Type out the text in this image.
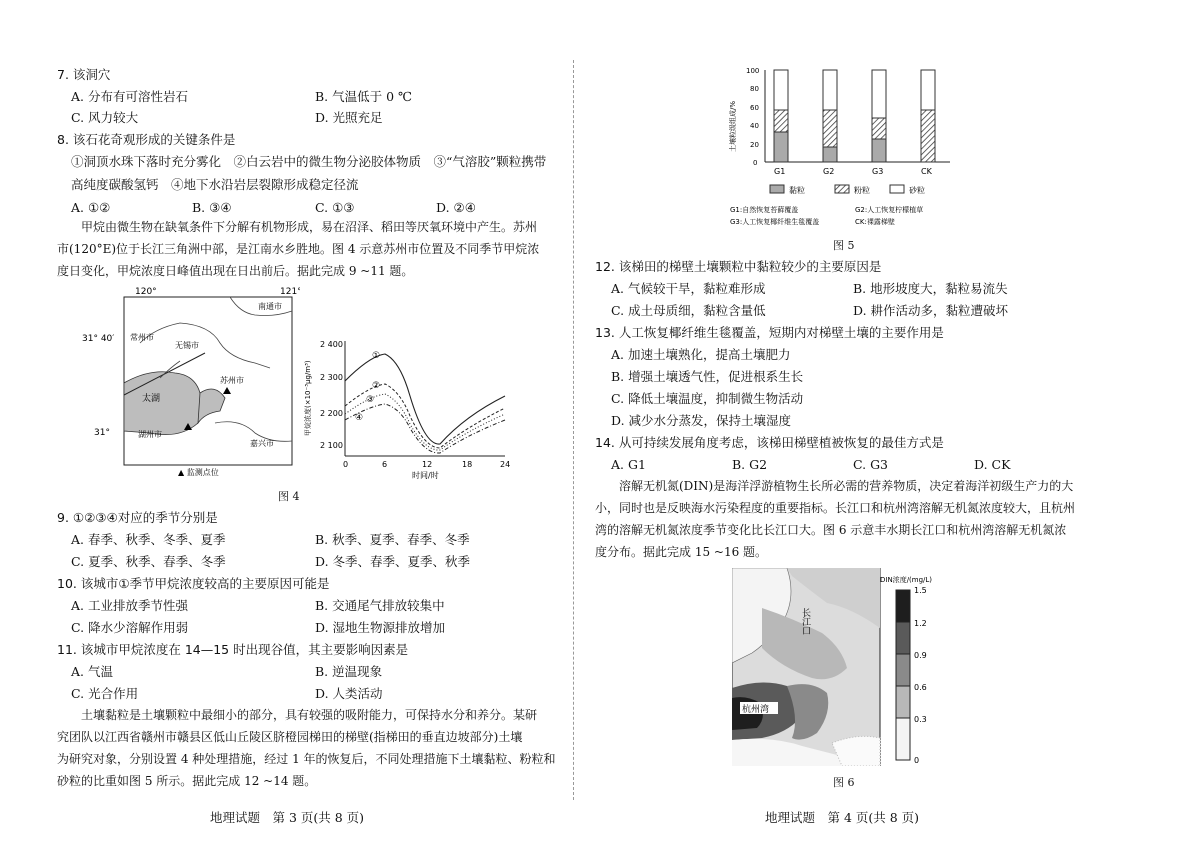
7. 该洞穴
A. 分布有可溶性岩石	B. 气温低于 0 ℃
C. 风力较大	D. 光照充足
8. 该石花奇观形成的关键条件是
①洞顶水珠下落时充分雾化　②白云岩中的微生物分泌胶体物质　③“气溶胶”颗粒携带
高纯度碳酸氢钙　④地下水沿岩层裂隙形成稳定径流
A. ①②	B. ③④	C. ①③	D. ②④
　　甲烷由微生物在缺氧条件下分解有机物形成，易在沼泽、稻田等厌氧环境中产生。苏州
市(120°E)位于长江三角洲中部，是江南水乡胜地。图 4 示意苏州市位置及不同季节甲烷浓
度日变化，甲烷浓度日峰值出现在日出前后。据此完成 9 ~11 题。
120°	121°
31° 40′
31°
南通市
常州市
无锡市
苏州市
太湖
湖州市
嘉兴市
▲ 监测点位
2 100
2 200
2 300
2 400
0	6	12	18	24
时间/时
甲烷浓度(×10⁻³μg/m³)
①
②
③
④
图 4
9. ①②③④对应的季节分别是
A. 春季、秋季、冬季、夏季	B. 秋季、夏季、春季、冬季
C. 夏季、秋季、春季、冬季	D. 冬季、春季、夏季、秋季
10. 该城市①季节甲烷浓度较高的主要原因可能是
A. 工业排放季节性强	B. 交通尾气排放较集中
C. 降水少溶解作用弱	D. 湿地生物源排放增加
11. 该城市甲烷浓度在 14—15 时出现谷值，其主要影响因素是
A. 气温	B. 逆温现象
C. 光合作用	D. 人类活动
　　土壤黏粒是土壤颗粒中最细小的部分，具有较强的吸附能力，可保持水分和养分。某研
究团队以江西省赣州市赣县区低山丘陵区脐橙园梯田的梯壁(指梯田的垂直边坡部分)土壤
为研究对象，分别设置 4 种处理措施，经过 1 年的恢复后，不同处理措施下土壤黏粒、粉粒和
砂粒的比重如图 5 所示。据此完成 12 ~14 题。
地理试题　第 3 页(共 8 页)
0
20
40
60
80
100
土壤粒级组成/%
G1	G2	G3	CK
黏粒	粉粒	砂粒
G1:自然恢复苔藓覆盖	G2:人工恢复柠檬植草
G3:人工恢复椰纤维生毯覆盖	CK:裸露梯壁
图 5
12. 该梯田的梯壁土壤颗粒中黏粒较少的主要原因是
A. 气候较干旱，黏粒难形成	B. 地形坡度大，黏粒易流失
C. 成土母质细，黏粒含量低	D. 耕作活动多，黏粒遭破坏
13. 人工恢复椰纤维生毯覆盖，短期内对梯壁土壤的主要作用是
A. 加速土壤熟化，提高土壤肥力
B. 增强土壤透气性，促进根系生长
C. 降低土壤温度，抑制微生物活动
D. 减少水分蒸发，保持土壤湿度
14. 从可持续发展角度考虑，该梯田梯壁植被恢复的最佳方式是
A. G1	B. G2	C. G3	D. CK
　　溶解无机氮(DIN)是海洋浮游植物生长所必需的营养物质，决定着海洋初级生产力的大
小，同时也是反映海水污染程度的重要指标。长江口和杭州湾溶解无机氮浓度较大，且杭州
湾的溶解无机氮浓度季节变化比长江口大。图 6 示意丰水期长江口和杭州湾溶解无机氮浓
度分布。据此完成 15 ~16 题。
长江口
杭州湾
DIN浓度/(mg/L)
1.5
1.2
0.9
0.6
0.3
0
图 6
地理试题　第 4 页(共 8 页)
